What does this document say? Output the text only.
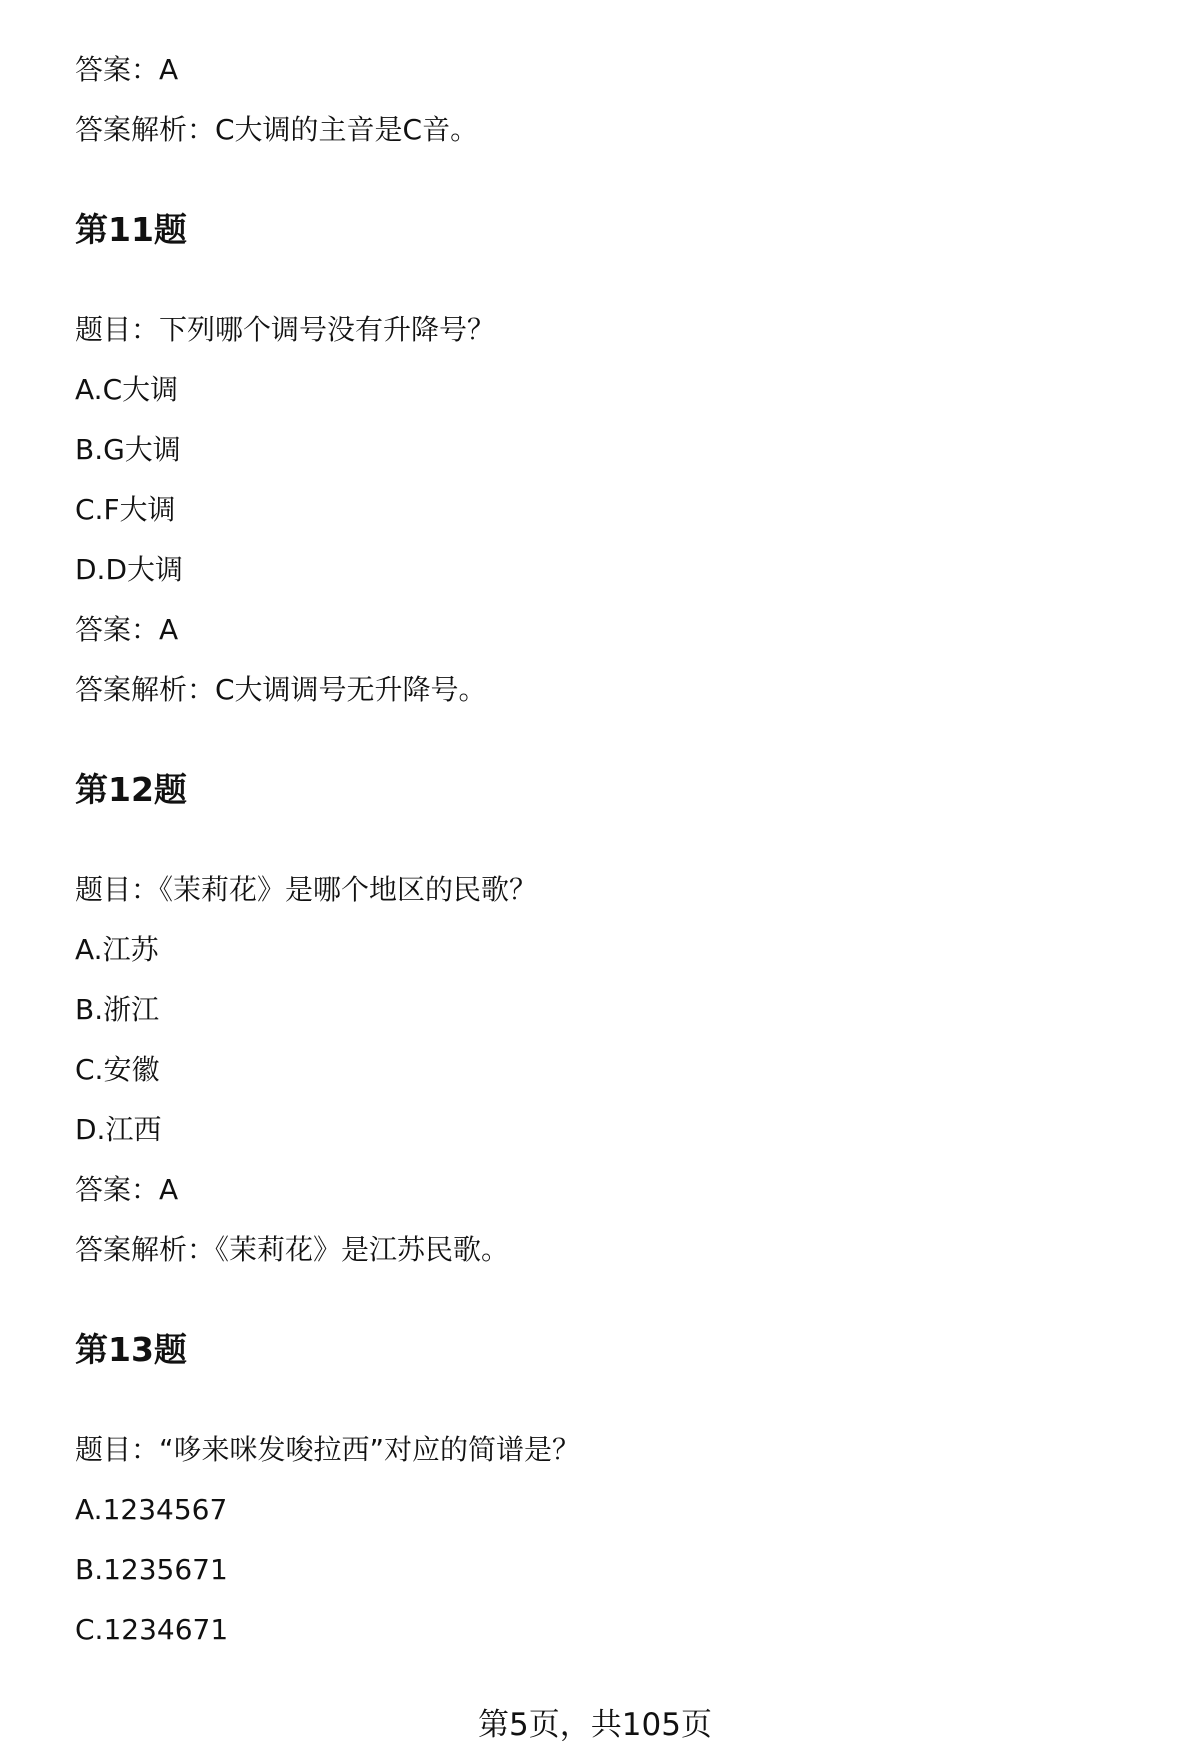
答案：A
答案解析：C大调的主音是C音。
第11题
题目：下列哪个调号没有升降号？
A.C大调
B.G大调
C.F大调
D.D大调
答案：A
答案解析：C大调调号无升降号。
第12题
题目：《茉莉花》是哪个地区的民歌？
A.江苏
B.浙江
C.安徽
D.江西
答案：A
答案解析：《茉莉花》是江苏民歌。
第13题
题目：“哆来咪发唆拉西”对应的简谱是？
A.1234567
B.1235671
C.1234671
第5页，共105页
